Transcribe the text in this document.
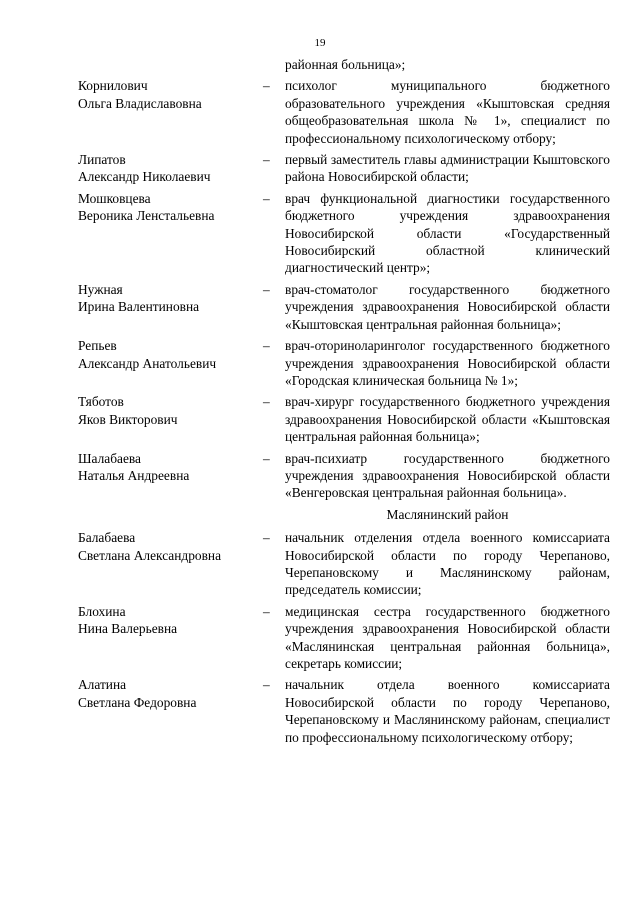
19
районная больница»;
Корнилович
Ольга Владиславовна
–	психолог муниципального бюджетного образовательного учреждения «Кыштовская средняя общеобразовательная школа № 1», специалист по профессиональному психологическому отбору;
Липатов
Александр Николаевич
–	первый заместитель главы администрации Кыштовского района Новосибирской области;
Мошковцева
Вероника Ленстальевна
–	врач функциональной диагностики государственного бюджетного учреждения здравоохранения Новосибирской области «Государственный Новосибирский областной клинический диагностический центр»;
Нужная
Ирина Валентиновна
–	врач-стоматолог государственного бюджетного учреждения здравоохранения Новосибирской области «Кыштовская центральная районная больница»;
Репьев
Александр Анатольевич
–	врач-оториноларинголог государственного бюджетного учреждения здравоохранения Новосибирской области «Городская клиническая больница № 1»;
Тяботов
Яков Викторович
–	врач-хирург государственного бюджетного учреждения здравоохранения Новосибирской области «Кыштовская центральная районная больница»;
Шалабаева
Наталья Андреевна
–	врач-психиатр государственного бюджетного учреждения здравоохранения Новосибирской области «Венгеровская центральная районная больница».
Маслянинский район
Балабаева
Светлана Александровна
–	начальник отделения отдела военного комиссариата Новосибирской области по городу Черепаново, Черепановскому и Маслянинскому районам, председатель комиссии;
Блохина
Нина Валерьевна
–	медицинская сестра государственного бюджетного учреждения здравоохранения Новосибирской области «Маслянинская центральная районная больница», секретарь комиссии;
Алатина
Светлана Федоровна
–	начальник отдела военного комиссариата Новосибирской области по городу Черепаново, Черепановскому и Маслянинскому районам, специалист по профессиональному психологическому отбору;
